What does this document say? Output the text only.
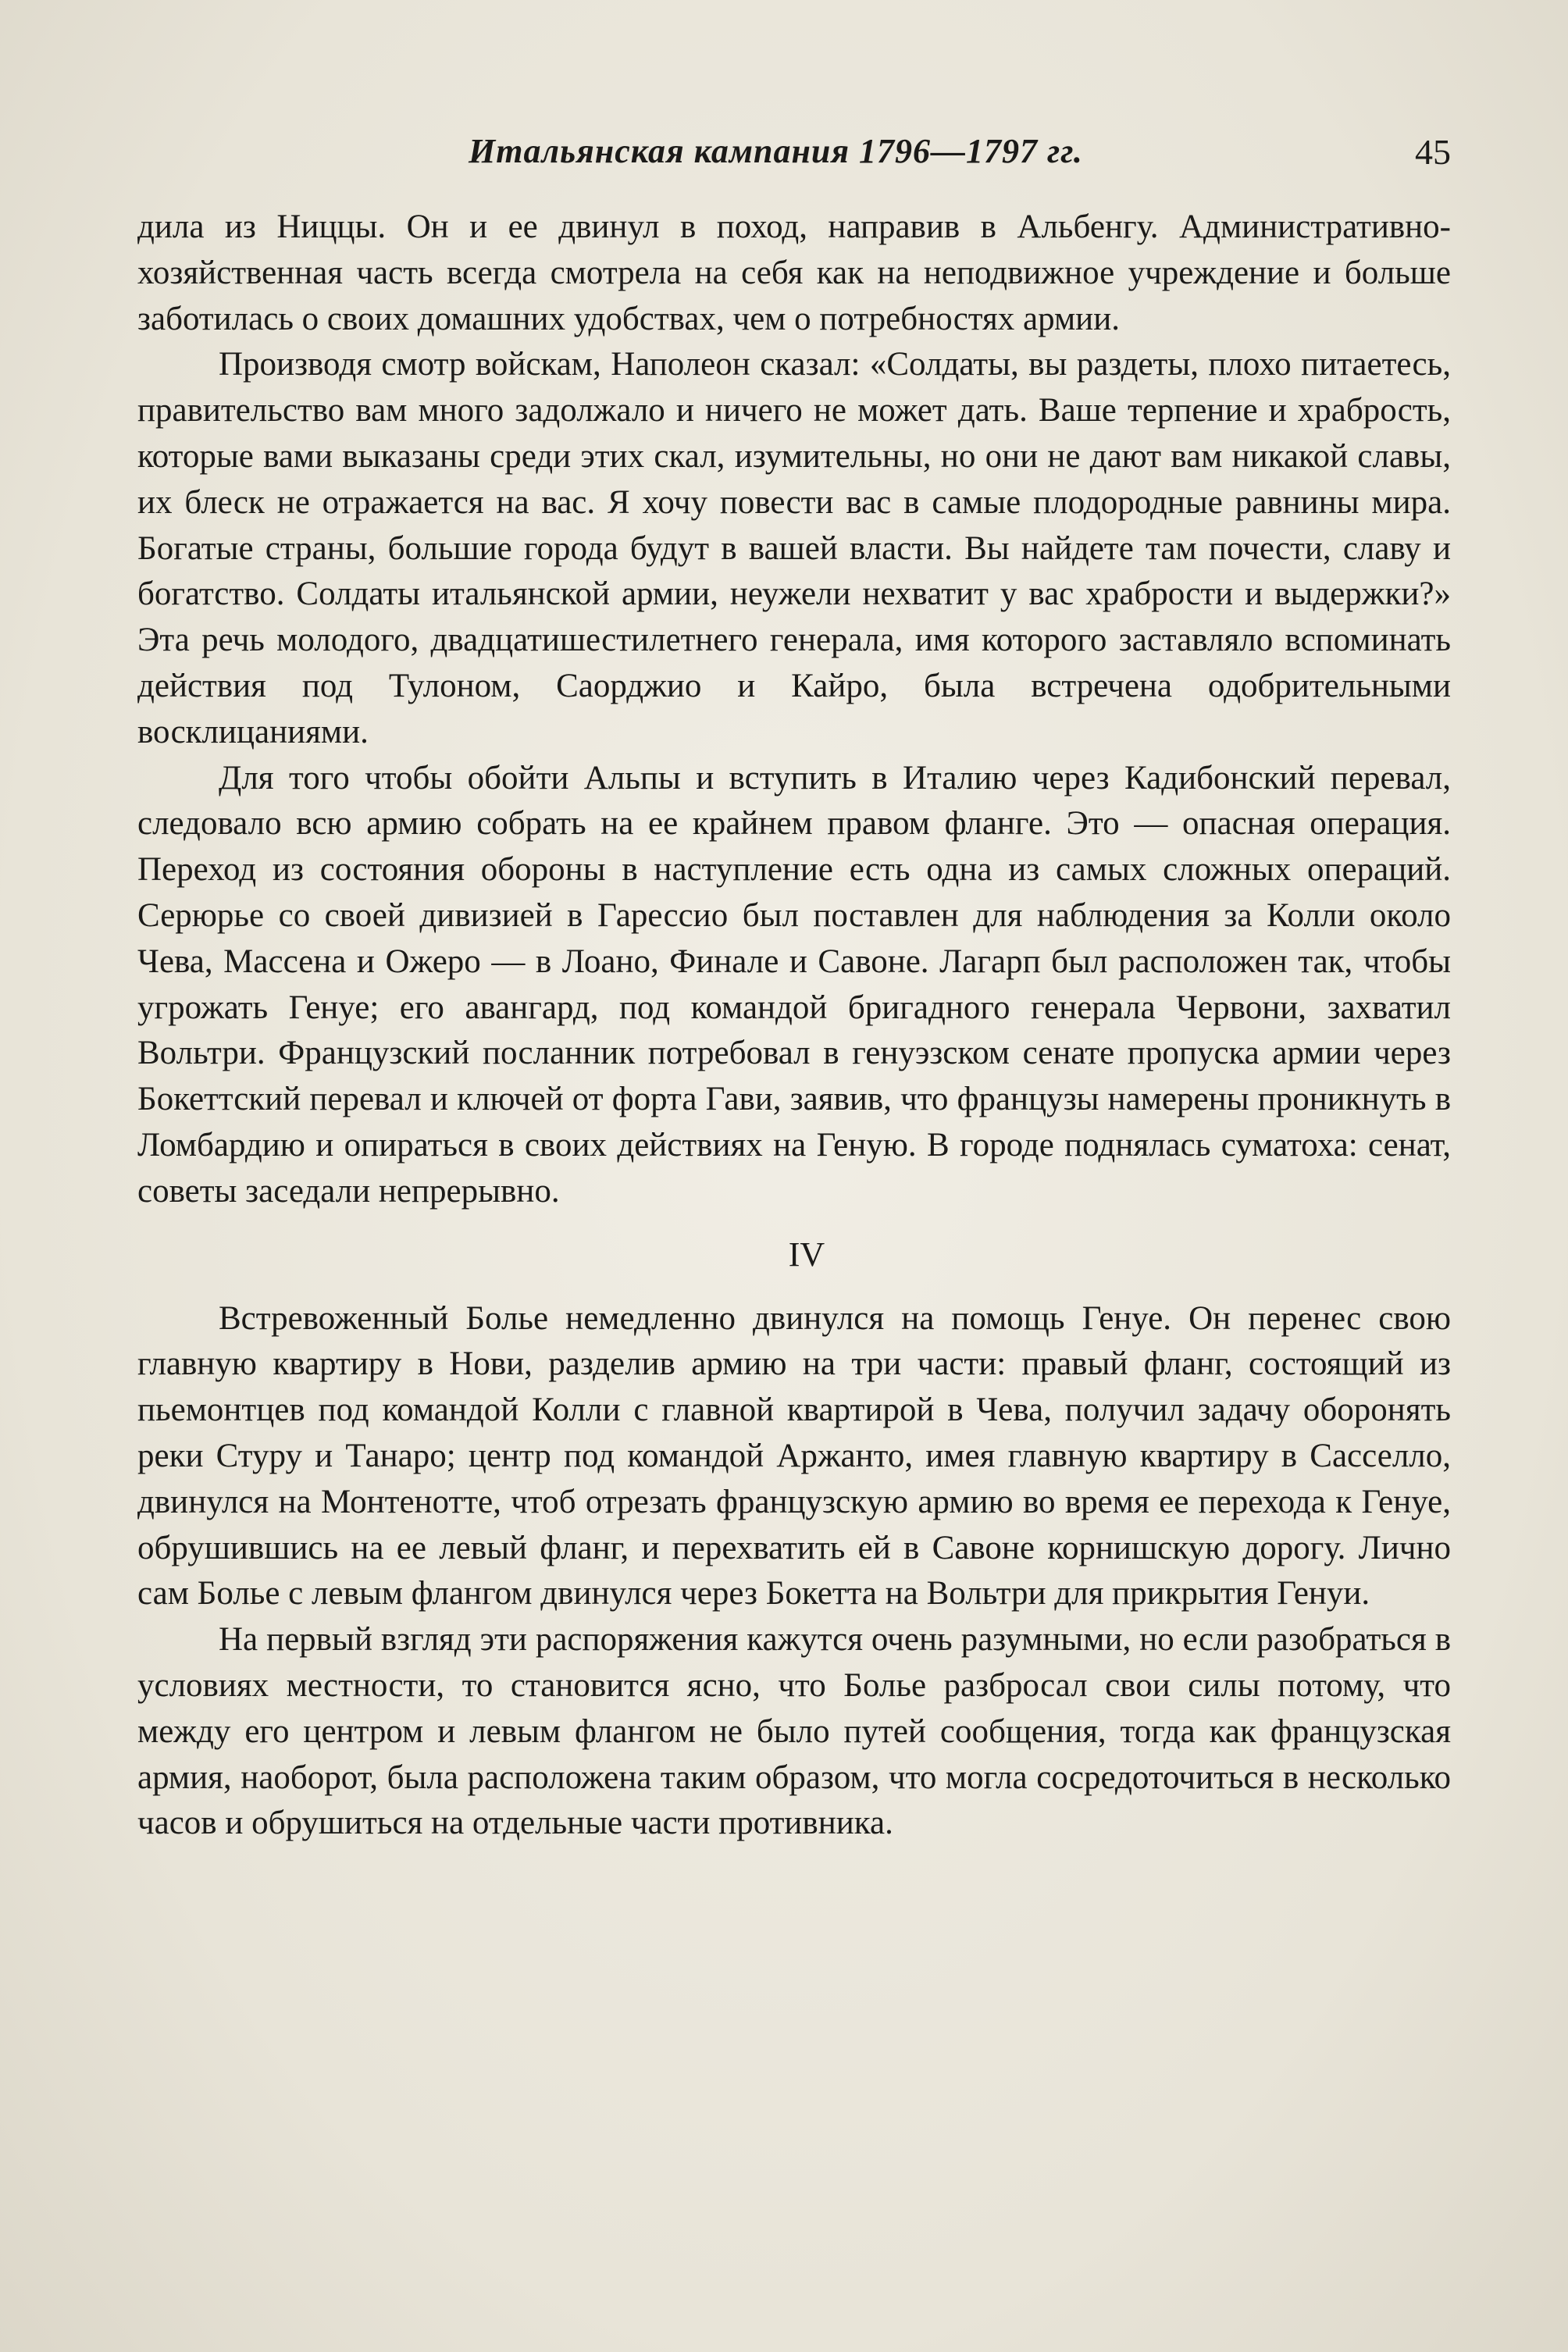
Итальянская кампания 1796—1797 гг.	45

дила из Ниццы. Он и ее двинул в поход, направив в Альбенгу. Административно-хозяйственная часть всегда смотрела на себя как на неподвижное учреждение и больше заботилась о своих домашних удобствах, чем о потребностях армии.

Производя смотр войскам, Наполеон сказал: «Солдаты, вы раздеты, плохо питаетесь, правительство вам много задолжало и ничего не может дать. Ваше терпение и храбрость, которые вами выказаны среди этих скал, изумительны, но они не дают вам никакой славы, их блеск не отражается на вас. Я хочу повести вас в самые плодородные равнины мира. Богатые страны, большие города будут в вашей власти. Вы найдете там почести, славу и богатство. Солдаты итальянской армии, неужели нехватит у вас храбрости и выдержки?» Эта речь молодого, двадцатишестилетнего генерала, имя которого заставляло вспоминать действия под Тулоном, Саорджио и Кайро, была встречена одобрительными восклицаниями.

Для того чтобы обойти Альпы и вступить в Италию через Кадибонский перевал, следовало всю армию собрать на ее крайнем правом фланге. Это — опасная операция. Переход из состояния обороны в наступление есть одна из самых сложных операций. Серюрье со своей дивизией в Гарессио был поставлен для наблюдения за Колли около Чева, Массена и Ожеро — в Лоано, Финале и Савоне. Лагарп был расположен так, чтобы угрожать Генуе; его авангард, под командой бригадного генерала Червони, захватил Вольтри. Французский посланник потребовал в генуэзском сенате пропуска армии через Бокеттский перевал и ключей от форта Гави, заявив, что французы намерены проникнуть в Ломбардию и опираться в своих действиях на Геную. В городе поднялась суматоха: сенат, советы заседали непрерывно.

IV

Встревоженный Болье немедленно двинулся на помощь Генуе. Он перенес свою главную квартиру в Нови, разделив армию на три части: правый фланг, состоящий из пьемонтцев под командой Колли с главной квартирой в Чева, получил задачу оборонять реки Стуру и Танаро; центр под командой Аржанто, имея главную квартиру в Сасселло, двинулся на Монтенотте, чтоб отрезать французскую армию во время ее перехода к Генуе, обрушившись на ее левый фланг, и перехватить ей в Савоне корнишскую дорогу. Лично сам Болье с левым флангом двинулся через Бокетта на Вольтри для прикрытия Генуи.

На первый взгляд эти распоряжения кажутся очень разумными, но если разобраться в условиях местности, то становится ясно, что Болье разбросал свои силы потому, что между его центром и левым флангом не было путей сообщения, тогда как французская армия, наоборот, была расположена таким образом, что могла сосредоточиться в несколько часов и обрушиться на отдельные части противника.
